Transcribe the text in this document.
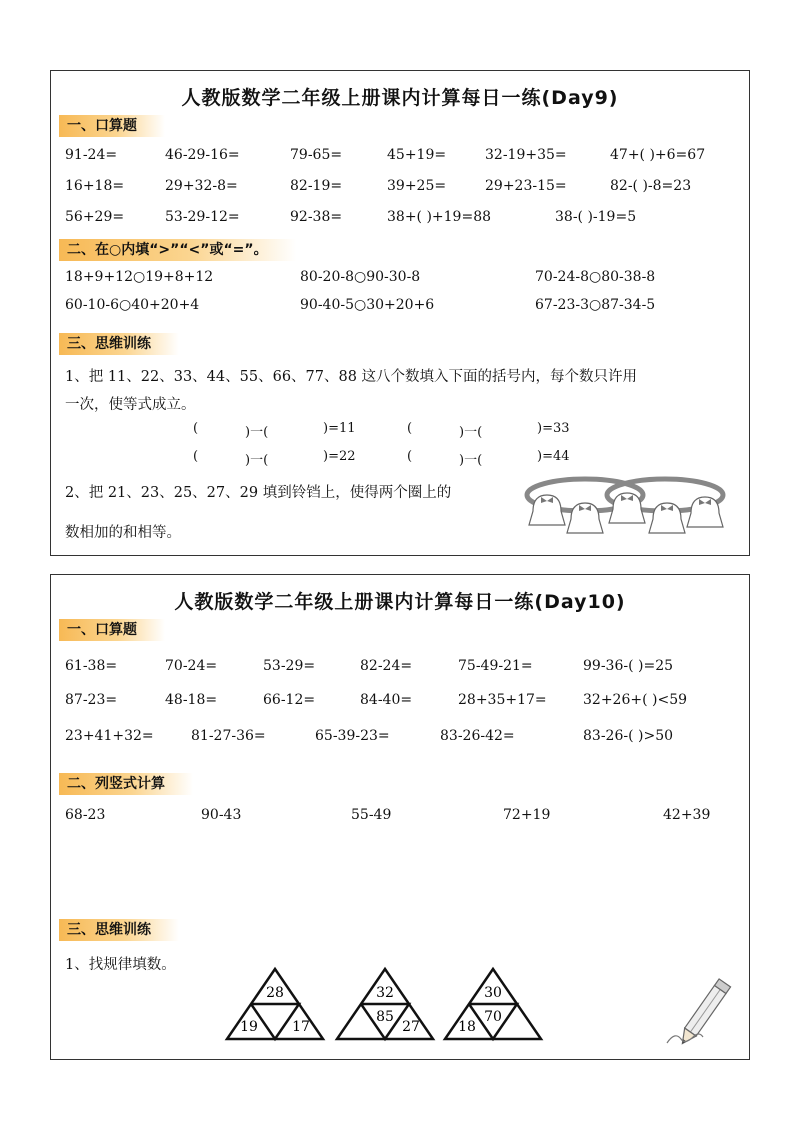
人教版数学二年级上册课内计算每日一练(Day9)
一、口算题
91-24=	46-29-16=	79-65=	45+19=	32-19+35=	47+( )+6=67
16+18=	29+32-8=	82-19=	39+25=	29+23-15=	82-( )-8=23
56+29=	53-29-12=	92-38=	38+( )+19=88	38-( )-19=5
二、在○内填“>”“<”或“=”。
18+9+12○19+8+12	80-20-8○90-30-8	70-24-8○80-38-8
60-10-6○40+20+4	90-40-5○30+20+6	67-23-3○87-34-5
三、思维训练
1、把 11、22、33、44、55、66、77、88 这八个数填入下面的括号内，每个数只许用
一次，使等式成立。
(	)一(	)=11	(	)一(	)=33
(	)一(	)=22	(	)一(	)=44
2、把 21、23、25、27、29 填到铃铛上，使得两个圈上的
数相加的和相等。
人教版数学二年级上册课内计算每日一练(Day10)
一、口算题
61-38=	70-24=	53-29=	82-24=	75-49-21=	99-36-( )=25
87-23=	48-18=	66-12=	84-40=	28+35+17=	32+26+( )<59
23+41+32=	81-27-36=	65-39-23=	83-26-42=	83-26-( )>50
二、列竖式计算
68-23	90-43	55-49	72+19	42+39
三、思维训练
1、找规律填数。
28
19 17
32
27
85
30
18
70
